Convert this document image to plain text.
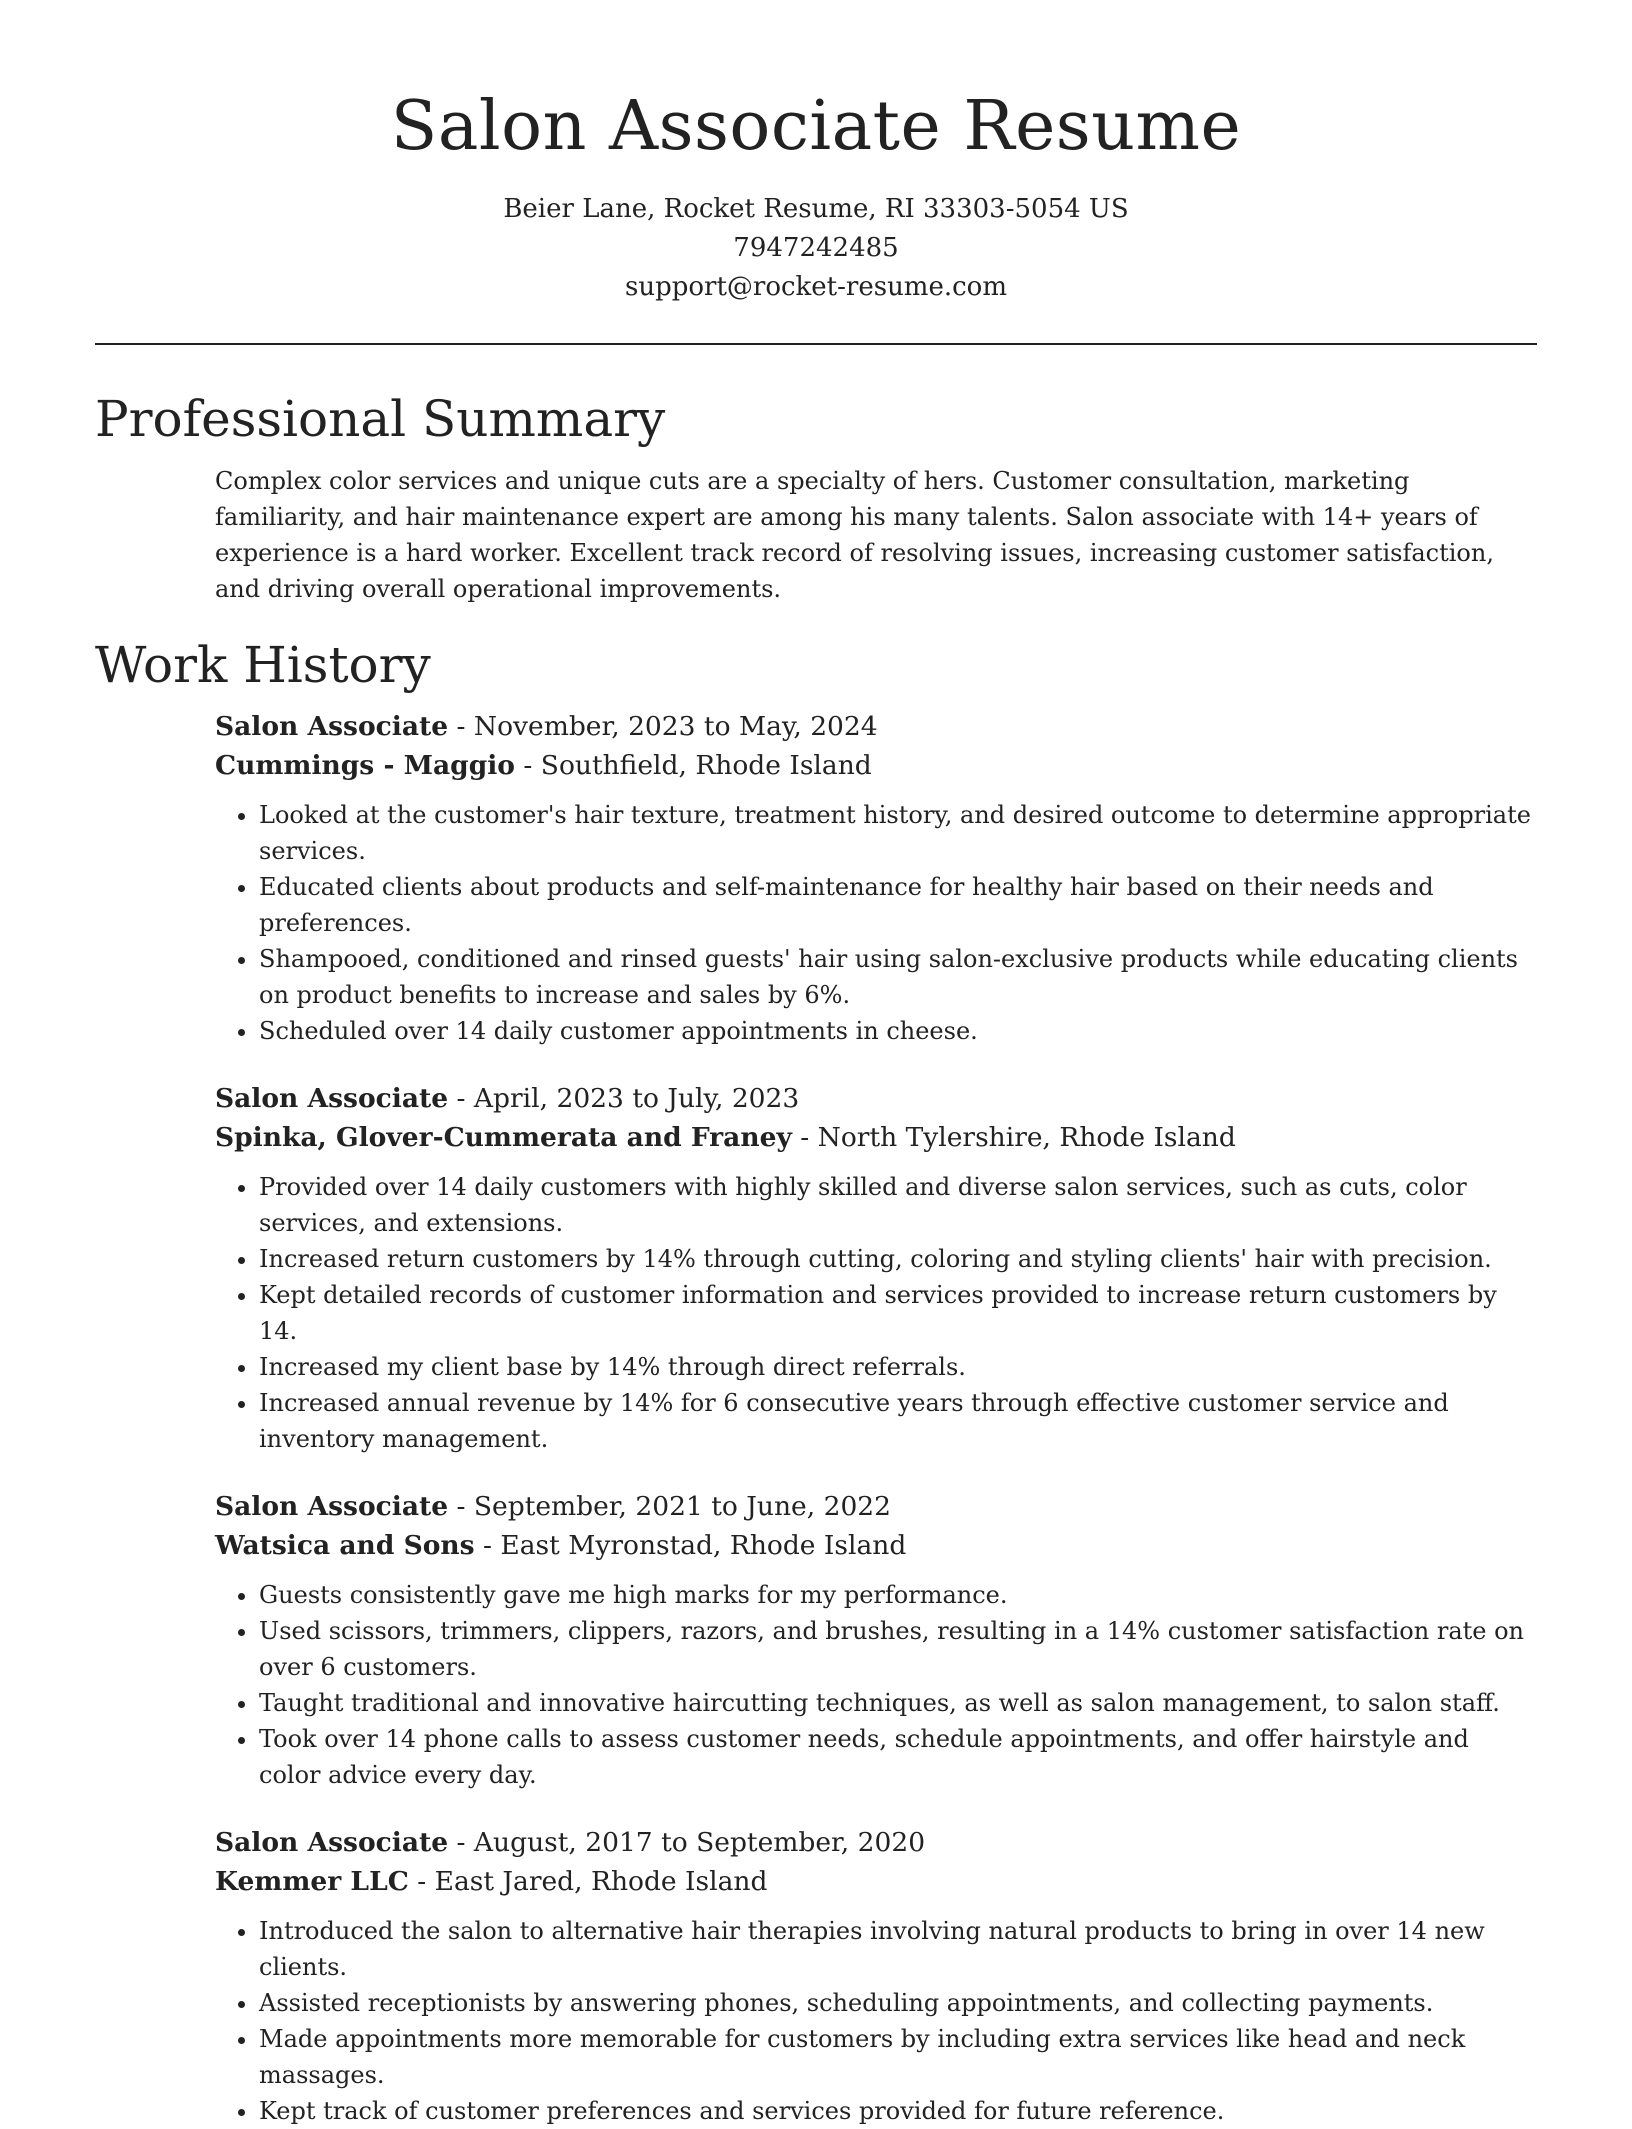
Salon Associate Resume
Beier Lane, Rocket Resume, RI 33303-5054 US
7947242485
support@rocket-resume.com
Professional Summary

Complex color services and unique cuts are a specialty of hers. Customer consultation, marketing familiarity, and hair maintenance expert are among his many talents. Salon associate with 14+ years of experience is a hard worker. Excellent track record of resolving issues, increasing customer satisfaction, and driving overall operational improvements.

Work History
Salon Associate - November, 2023 to May, 2024
Cummings - Maggio - Southfield, Rhode Island
• Looked at the customer's hair texture, treatment history, and desired outcome to determine appropriate services.
• Educated clients about products and self-maintenance for healthy hair based on their needs and preferences.
• Shampooed, conditioned and rinsed guests' hair using salon-exclusive products while educating clients on product benefits to increase and sales by 6%.
• Scheduled over 14 daily customer appointments in cheese.
Salon Associate - April, 2023 to July, 2023
Spinka, Glover-Cummerata and Franey - North Tylershire, Rhode Island
• Provided over 14 daily customers with highly skilled and diverse salon services, such as cuts, color services, and extensions.
• Increased return customers by 14% through cutting, coloring and styling clients' hair with precision.
• Kept detailed records of customer information and services provided to increase return customers by 14.
• Increased my client base by 14% through direct referrals.
• Increased annual revenue by 14% for 6 consecutive years through effective customer service and inventory management.
Salon Associate - September, 2021 to June, 2022
Watsica and Sons - East Myronstad, Rhode Island
• Guests consistently gave me high marks for my performance.
• Used scissors, trimmers, clippers, razors, and brushes, resulting in a 14% customer satisfaction rate on over 6 customers.
• Taught traditional and innovative haircutting techniques, as well as salon management, to salon staff.
• Took over 14 phone calls to assess customer needs, schedule appointments, and offer hairstyle and color advice every day.
Salon Associate - August, 2017 to September, 2020
Kemmer LLC - East Jared, Rhode Island
• Introduced the salon to alternative hair therapies involving natural products to bring in over 14 new clients.
• Assisted receptionists by answering phones, scheduling appointments, and collecting payments.
• Made appointments more memorable for customers by including extra services like head and neck massages.
• Kept track of customer preferences and services provided for future reference.
